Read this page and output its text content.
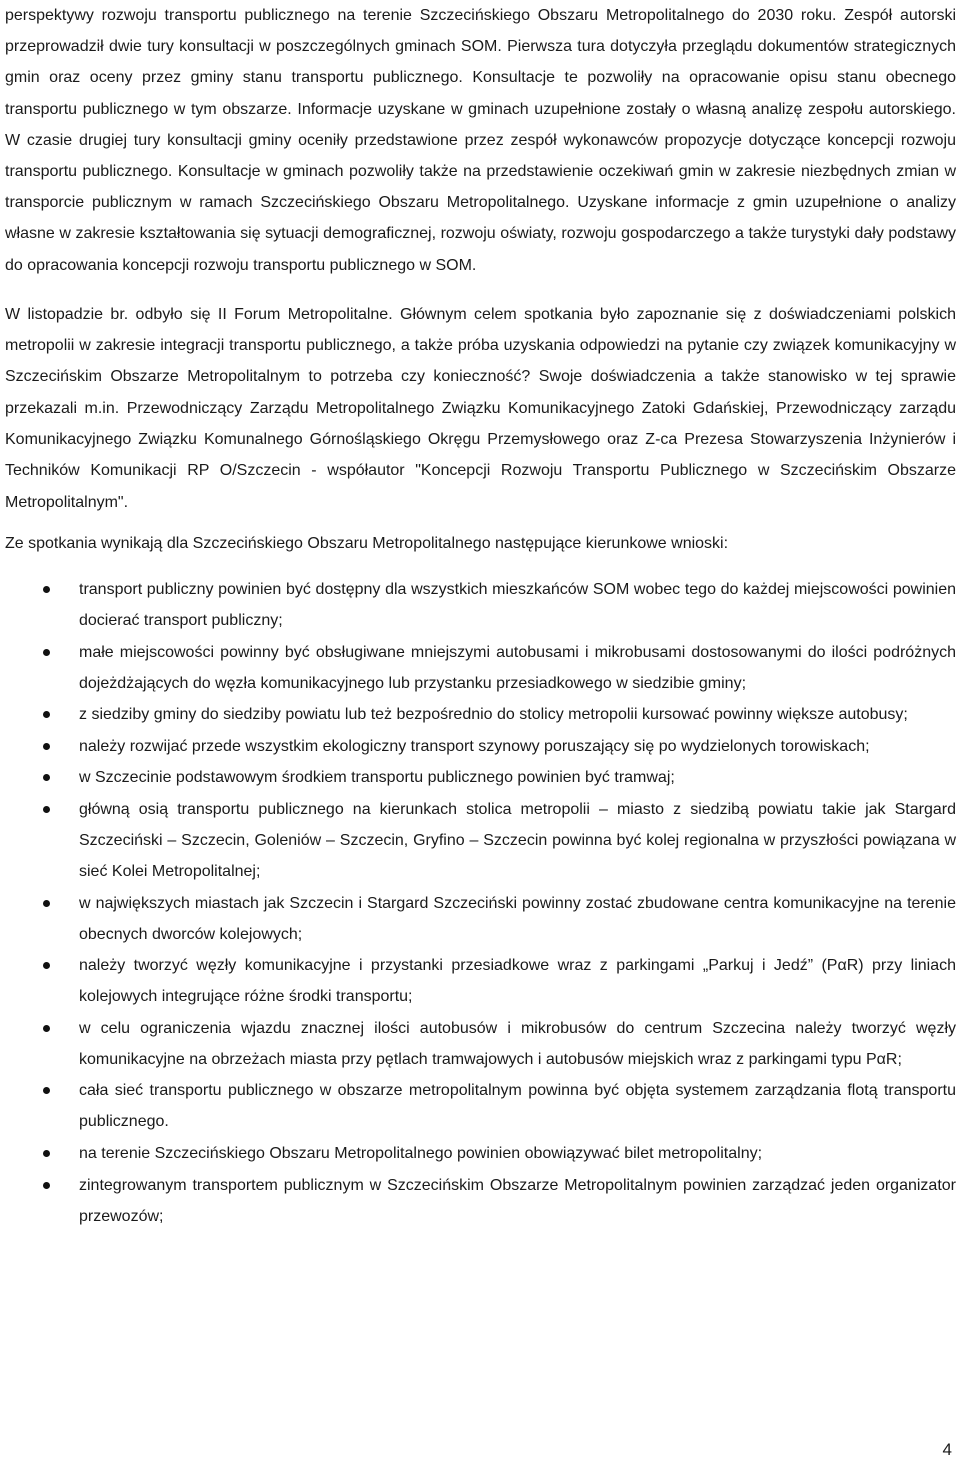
perspektywy rozwoju transportu publicznego na terenie Szczecińskiego Obszaru Metropolitalnego do 2030 roku. Zespół autorski przeprowadził dwie tury konsultacji w poszczególnych gminach SOM. Pierwsza tura dotyczyła przeglądu dokumentów strategicznych gmin oraz oceny przez gminy stanu transportu publicznego. Konsultacje te pozwoliły na opracowanie opisu stanu obecnego transportu publicznego w tym obszarze. Informacje uzyskane w gminach uzupełnione zostały o własną analizę zespołu autorskiego. W czasie drugiej tury konsultacji gminy oceniły przedstawione przez zespół wykonawców propozycje dotyczące koncepcji rozwoju transportu publicznego. Konsultacje w gminach pozwoliły także na przedstawienie oczekiwań gmin w zakresie niezbędnych zmian w transporcie publicznym w ramach Szczecińskiego Obszaru Metropolitalnego. Uzyskane informacje z gmin uzupełnione o analizy własne w zakresie kształtowania się sytuacji demograficznej, rozwoju oświaty, rozwoju gospodarczego a także turystyki dały podstawy do opracowania koncepcji rozwoju transportu publicznego w SOM.

W listopadzie br. odbyło się II Forum Metropolitalne. Głównym celem spotkania było zapoznanie się z doświadczeniami polskich metropolii w zakresie integracji transportu publicznego, a także próba uzyskania odpowiedzi na pytanie czy związek komunikacyjny w Szczecińskim Obszarze Metropolitalnym to potrzeba czy konieczność? Swoje doświadczenia a także stanowisko w tej sprawie przekazali m.in. Przewodniczący Zarządu Metropolitalnego Związku Komunikacyjnego Zatoki Gdańskiej, Przewodniczący zarządu Komunikacyjnego Związku Komunalnego Górnośląskiego Okręgu Przemysłowego oraz Z-ca Prezesa Stowarzyszenia Inżynierów i Techników Komunikacji RP O/Szczecin - współautor "Koncepcji Rozwoju Transportu Publicznego w Szczecińskim Obszarze Metropolitalnym".

Ze spotkania wynikają dla Szczecińskiego Obszaru Metropolitalnego następujące kierunkowe wnioski:

transport publiczny powinien być dostępny dla wszystkich mieszkańców SOM wobec tego do każdej miejscowości powinien docierać transport publiczny;
małe miejscowości powinny być obsługiwane mniejszymi autobusami i mikrobusami dostosowanymi do ilości podróżnych dojeżdżających do węzła komunikacyjnego lub przystanku przesiadkowego w siedzibie gminy;
z siedziby gminy do siedziby powiatu lub też bezpośrednio do stolicy metropolii kursować powinny większe autobusy;
należy rozwijać przede wszystkim ekologiczny transport szynowy poruszający się po wydzielonych torowiskach;
w Szczecinie podstawowym środkiem transportu publicznego powinien być tramwaj;
główną osią transportu publicznego na kierunkach stolica metropolii – miasto z siedzibą powiatu takie jak Stargard Szczeciński – Szczecin, Goleniów – Szczecin, Gryfino – Szczecin powinna być kolej regionalna w przyszłości powiązana w sieć Kolei Metropolitalnej;
w największych miastach jak Szczecin i Stargard Szczeciński powinny zostać zbudowane centra komunikacyjne na terenie obecnych dworców kolejowych;
należy tworzyć węzły komunikacyjne i przystanki przesiadkowe wraz z parkingami „Parkuj i Jedź” (PαR) przy liniach kolejowych integrujące różne środki transportu;
w celu ograniczenia wjazdu znacznej ilości autobusów i mikrobusów do centrum Szczecina należy tworzyć węzły komunikacyjne na obrzeżach miasta przy pętlach tramwajowych i autobusów miejskich wraz z parkingami typu PαR;
cała sieć transportu publicznego w obszarze metropolitalnym powinna być objęta systemem zarządzania flotą transportu publicznego.
na terenie Szczecińskiego Obszaru Metropolitalnego powinien obowiązywać bilet metropolitalny;
zintegrowanym transportem publicznym w Szczecińskim Obszarze Metropolitalnym powinien zarządzać jeden organizator przewozów;
4
